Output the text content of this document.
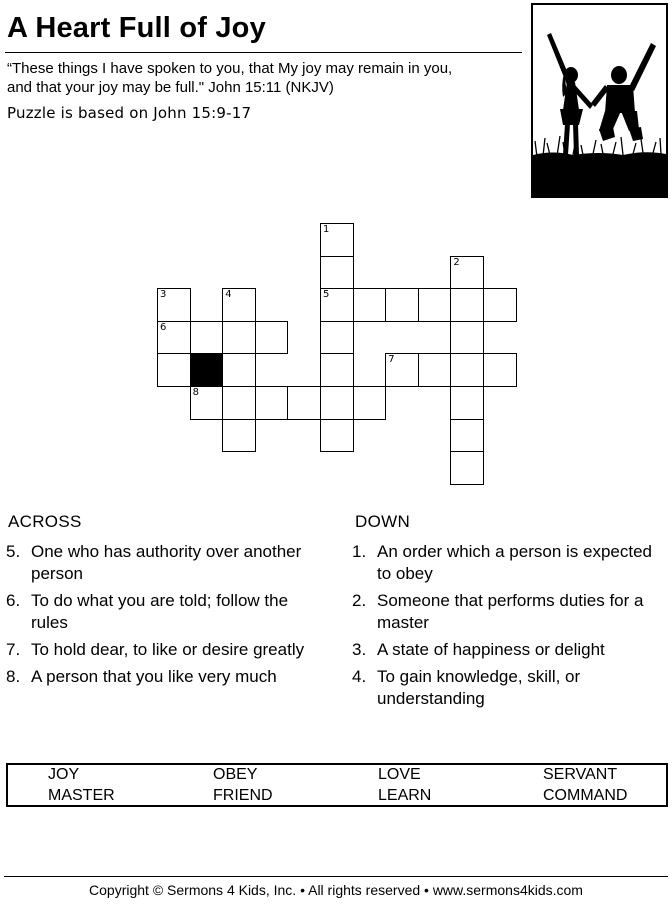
A Heart Full of Joy
“These things I have spoken to you, that My joy may remain in you,
and that your joy may be full." John 15:11 (NKJV)
Puzzle is based on John 15:9-17
1
2
3	4	5
6
7
8
ACROSS
5. One who has authority over another person
6. To do what you are told; follow the rules
7. To hold dear, to like or desire greatly
8. A person that you like very much
DOWN
1. An order which a person is expected to obey
2. Someone that performs duties for a master
3. A state of happiness or delight
4. To gain knowledge, skill, or understanding
JOY	OBEY	LOVE	SERVANT
MASTER	FRIEND	LEARN	COMMAND
Copyright © Sermons 4 Kids, Inc. • All rights reserved • www.sermons4kids.com
